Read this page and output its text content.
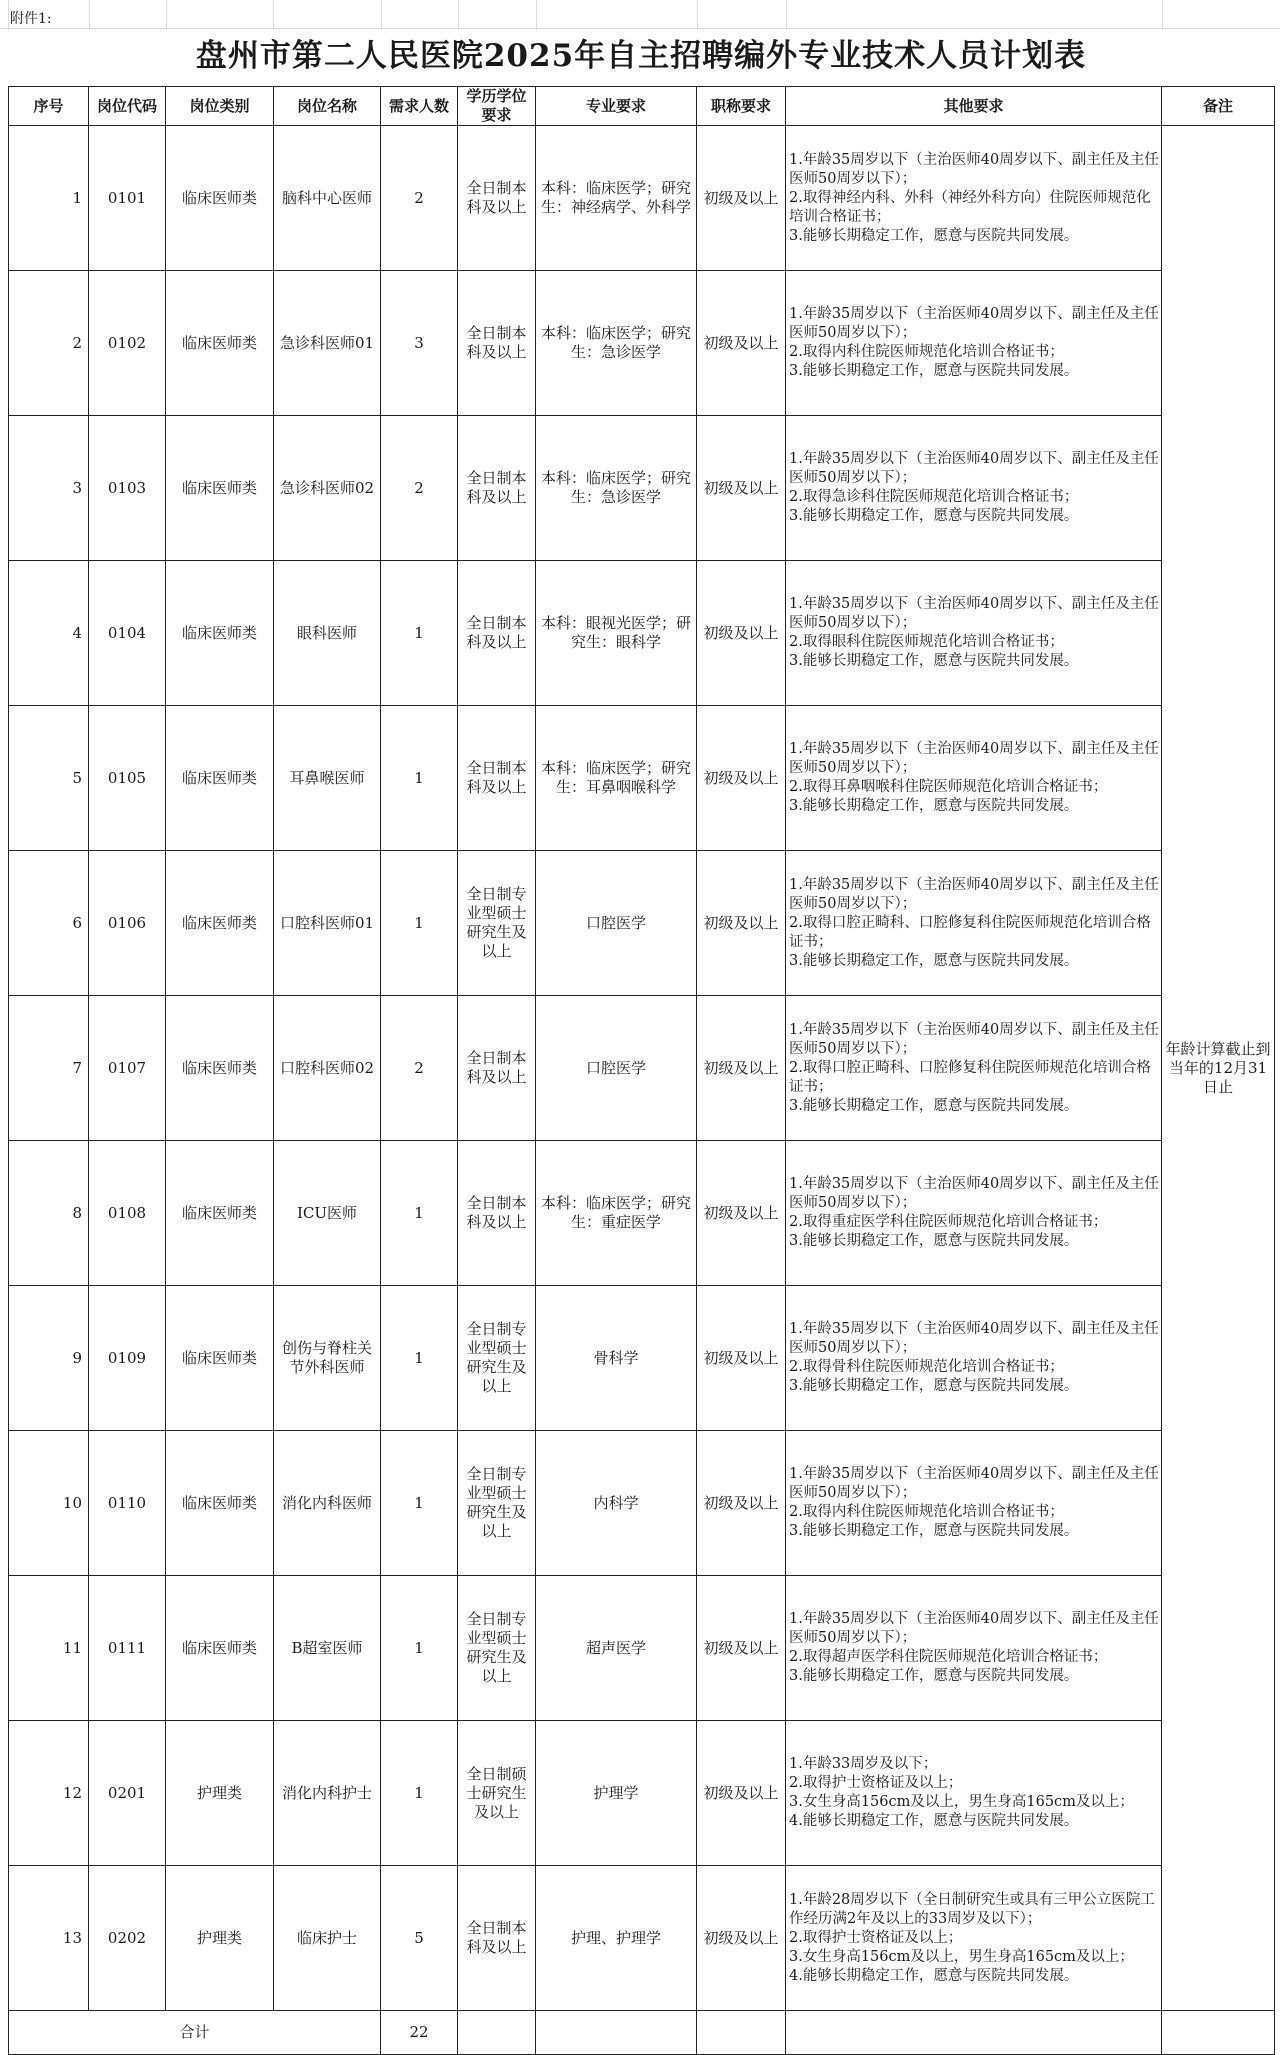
附件1:
盘州市第二人民医院2025年自主招聘编外专业技术人员计划表
序号	岗位代码	岗位类别	岗位名称	需求人数	学历学位要求	专业要求	职称要求	其他要求	备注
1	0101	临床医师类	脑科中心医师	2	全日制本科及以上	本科：临床医学；研究生：神经病学、外科学	初级及以上	1.年龄35周岁以下（主治医师40周岁以下、副主任及主任医师50周岁以下）；
2.取得神经内科、外科（神经外科方向）住院医师规范化培训合格证书；
3.能够长期稳定工作，愿意与医院共同发展。	年龄计算截止到当年的12月31日止
2	0102	临床医师类	急诊科医师01	3	全日制本科及以上	本科：临床医学；研究生：急诊医学	初级及以上	1.年龄35周岁以下（主治医师40周岁以下、副主任及主任医师50周岁以下）；
2.取得内科住院医师规范化培训合格证书；
3.能够长期稳定工作，愿意与医院共同发展。	

3	0103	临床医师类	急诊科医师02	2	全日制本科及以上	本科：临床医学；研究生：急诊医学	初级及以上	1.年龄35周岁以下（主治医师40周岁以下、副主任及主任医师50周岁以下）；
2.取得急诊科住院医师规范化培训合格证书；
3.能够长期稳定工作，愿意与医院共同发展。	

4	0104	临床医师类	眼科医师	1	全日制本科及以上	本科：眼视光医学；研究生：眼科学	初级及以上	1.年龄35周岁以下（主治医师40周岁以下、副主任及主任医师50周岁以下）；
2.取得眼科住院医师规范化培训合格证书；
3.能够长期稳定工作，愿意与医院共同发展。	

5	0105	临床医师类	耳鼻喉医师	1	全日制本科及以上	本科：临床医学；研究生：耳鼻咽喉科学	初级及以上	1.年龄35周岁以下（主治医师40周岁以下、副主任及主任医师50周岁以下）；
2.取得耳鼻咽喉科住院医师规范化培训合格证书；
3.能够长期稳定工作，愿意与医院共同发展。	

6	0106	临床医师类	口腔科医师01	1	全日制专业型硕士研究生及以上	口腔医学	初级及以上	1.年龄35周岁以下（主治医师40周岁以下、副主任及主任医师50周岁以下）；
2.取得口腔正畸科、口腔修复科住院医师规范化培训合格证书；
3.能够长期稳定工作，愿意与医院共同发展。	

7	0107	临床医师类	口腔科医师02	2	全日制本科及以上	口腔医学	初级及以上	1.年龄35周岁以下（主治医师40周岁以下、副主任及主任医师50周岁以下）；
2.取得口腔正畸科、口腔修复科住院医师规范化培训合格证书；
3.能够长期稳定工作，愿意与医院共同发展。	

8	0108	临床医师类	ICU医师	1	全日制本科及以上	本科：临床医学；研究生：重症医学	初级及以上	1.年龄35周岁以下（主治医师40周岁以下、副主任及主任医师50周岁以下）；
2.取得重症医学科住院医师规范化培训合格证书；
3.能够长期稳定工作，愿意与医院共同发展。	

9	0109	临床医师类	创伤与脊柱关节外科医师	1	全日制专业型硕士研究生及以上	骨科学	初级及以上	1.年龄35周岁以下（主治医师40周岁以下、副主任及主任医师50周岁以下）；
2.取得骨科住院医师规范化培训合格证书；
3.能够长期稳定工作，愿意与医院共同发展。	

10	0110	临床医师类	消化内科医师	1	全日制专业型硕士研究生及以上	内科学	初级及以上	1.年龄35周岁以下（主治医师40周岁以下、副主任及主任医师50周岁以下）；
2.取得内科住院医师规范化培训合格证书；
3.能够长期稳定工作，愿意与医院共同发展。	

11	0111	临床医师类	B超室医师	1	全日制专业型硕士研究生及以上	超声医学	初级及以上	1.年龄35周岁以下（主治医师40周岁以下、副主任及主任医师50周岁以下）；
2.取得超声医学科住院医师规范化培训合格证书；
3.能够长期稳定工作，愿意与医院共同发展。	

12	0201	护理类	消化内科护士	1	全日制硕士研究生及以上	护理学	初级及以上	1.年龄33周岁及以下；
2.取得护士资格证及以上；
3.女生身高156cm及以上，男生身高165cm及以上；
4.能够长期稳定工作，愿意与医院共同发展。	

13	0202	护理类	临床护士	5	全日制本科及以上	护理、护理学	初级及以上	1.年龄28周岁以下（全日制研究生或具有三甲公立医院工作经历满2年及以上的33周岁及以下）；
2.取得护士资格证及以上；
3.女生身高156cm及以上，男生身高165cm及以上；
4.能够长期稳定工作，愿意与医院共同发展。	

合计				22					
